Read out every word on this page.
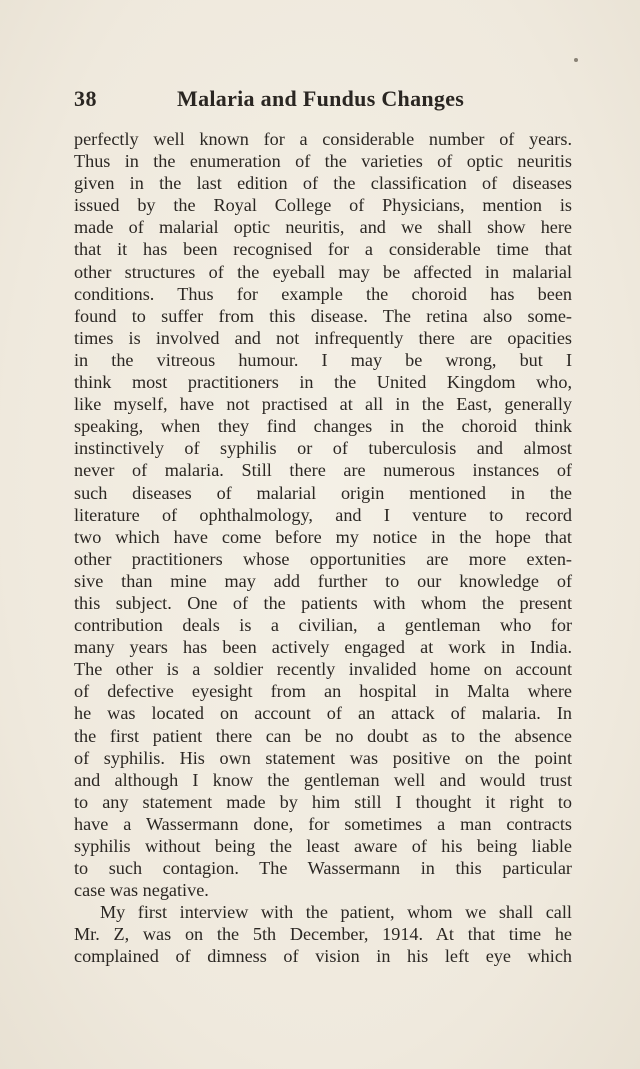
38	Malaria and Fundus Changes
perfectly well known for a considerable number of years.
Thus in the enumeration of the varieties of optic neuritis
given in the last edition of the classification of diseases
issued by the Royal College of Physicians, mention is
made of malarial optic neuritis, and we shall show here
that it has been recognised for a considerable time that
other structures of the eyeball may be affected in malarial
conditions. Thus for example the choroid has been
found to suffer from this disease. The retina also some-
times is involved and not infrequently there are opacities
in the vitreous humour. I may be wrong, but I
think most practitioners in the United Kingdom who,
like myself, have not practised at all in the East, generally
speaking, when they find changes in the choroid think
instinctively of syphilis or of tuberculosis and almost
never of malaria. Still there are numerous instances of
such diseases of malarial origin mentioned in the
literature of ophthalmology, and I venture to record
two which have come before my notice in the hope that
other practitioners whose opportunities are more exten-
sive than mine may add further to our knowledge of
this subject. One of the patients with whom the present
contribution deals is a civilian, a gentleman who for
many years has been actively engaged at work in India.
The other is a soldier recently invalided home on account
of defective eyesight from an hospital in Malta where
he was located on account of an attack of malaria. In
the first patient there can be no doubt as to the absence
of syphilis. His own statement was positive on the point
and although I know the gentleman well and would trust
to any statement made by him still I thought it right to
have a Wassermann done, for sometimes a man contracts
syphilis without being the least aware of his being liable
to such contagion. The Wassermann in this particular
case was negative.
My first interview with the patient, whom we shall call
Mr. Z, was on the 5th December, 1914. At that time he
complained of dimness of vision in his left eye which
